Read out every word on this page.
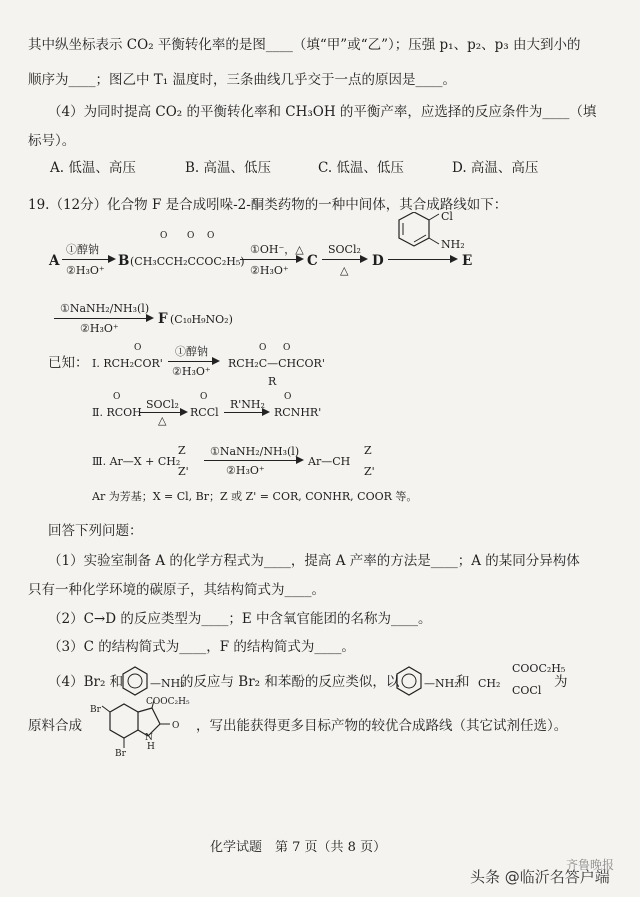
其中纵坐标表示 CO₂ 平衡转化率的是图____（填“甲”或“乙”）；压强 p₁、p₂、p₃ 由大到小的
顺序为____；图乙中 T₁ 温度时，三条曲线几乎交于一点的原因是____。
（4）为同时提高 CO₂ 的平衡转化率和 CH₃OH 的平衡产率，应选择的反应条件为____（填
标号）。
A. 低温、高压	B. 高温、低压	C. 低温、低压	D. 高温、高压
19.（12分）化合物 F 是合成吲哚-2-酮类药物的一种中间体，其合成路线如下：
A
①醇钠
②H₃O⁺
B (CH₃CCH₂CCOC₂H₅)
O O O
①OH⁻，△
②H₃O⁺
C
SOCl₂
△
D
Cl
NH₂
E
①NaNH₂/NH₃(l)
②H₃O⁺
F (C₁₀H₉NO₂)
已知： Ⅰ. RCH₂COR'
O	①醇钠
②H₃O⁺
RCH₂C—CHCOR'
O O
R
Ⅱ. RCOH
O
SOCl₂
△
RCCl
O
R'NH₂
RCNHR'
O
Ⅲ. Ar—X + CH₂
Z
Z'
①NaNH₂/NH₃(l)
②H₃O⁺
Ar—CH
Z
Z'
Ar 为芳基；X = Cl, Br；Z 或 Z' = COR, CONHR, COOR 等。
回答下列问题：
（1）实验室制备 A 的化学方程式为____，提高 A 产率的方法是____；A 的某同分异构体
只有一种化学环境的碳原子，其结构简式为____。
（2）C→D 的反应类型为____；E 中含氧官能团的名称为____。
（3）C 的结构简式为____，F 的结构简式为____。
（4）Br₂ 和 —NH₂
的反应与 Br₂ 和苯酚的反应类似，以 —NH₂
和 CH₂
COOC₂H₅
COCl
为
原料合成
COOC₂H₅
Br
Br
O
N
H
，写出能获得更多目标产物的较优合成路线（其它试剂任选）。
化学试题　第 7 页（共 8 页）
齐鲁晚报
头条 @临沂名答户端
